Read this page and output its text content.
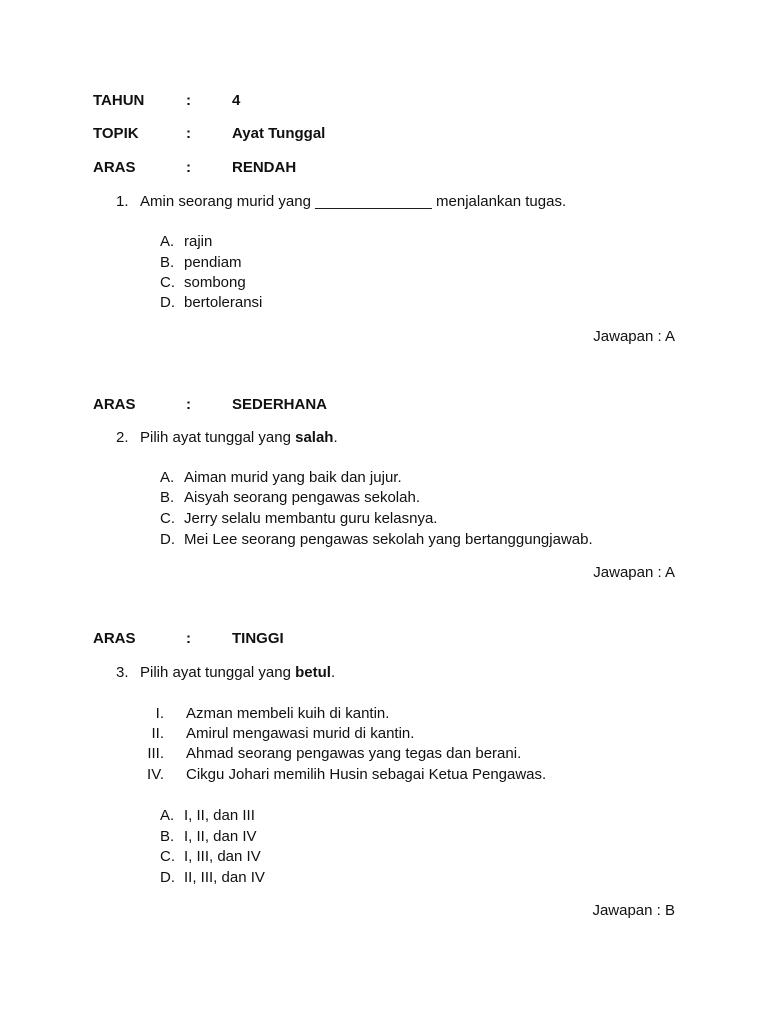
TAHUN	:	4
TOPIK	:	Ayat Tunggal
ARAS	:	RENDAH
1. Amin seorang murid yang ______________ menjalankan tugas.
A. rajin
B. pendiam
C. sombong
D. bertoleransi
Jawapan : A
ARAS	:	SEDERHANA
2. Pilih ayat tunggal yang salah.
A. Aiman murid yang baik dan jujur.
B. Aisyah seorang pengawas sekolah.
C. Jerry selalu membantu guru kelasnya.
D. Mei Lee seorang pengawas sekolah yang bertanggungjawab.
Jawapan : A
ARAS	:	TINGGI
3. Pilih ayat tunggal yang betul.
I. Azman membeli kuih di kantin.
II. Amirul mengawasi murid di kantin.
III. Ahmad seorang pengawas yang tegas dan berani.
IV. Cikgu Johari memilih Husin sebagai Ketua Pengawas.
A. I, II, dan III
B. I, II, dan IV
C. I, III, dan IV
D. II, III, dan IV
Jawapan : B
